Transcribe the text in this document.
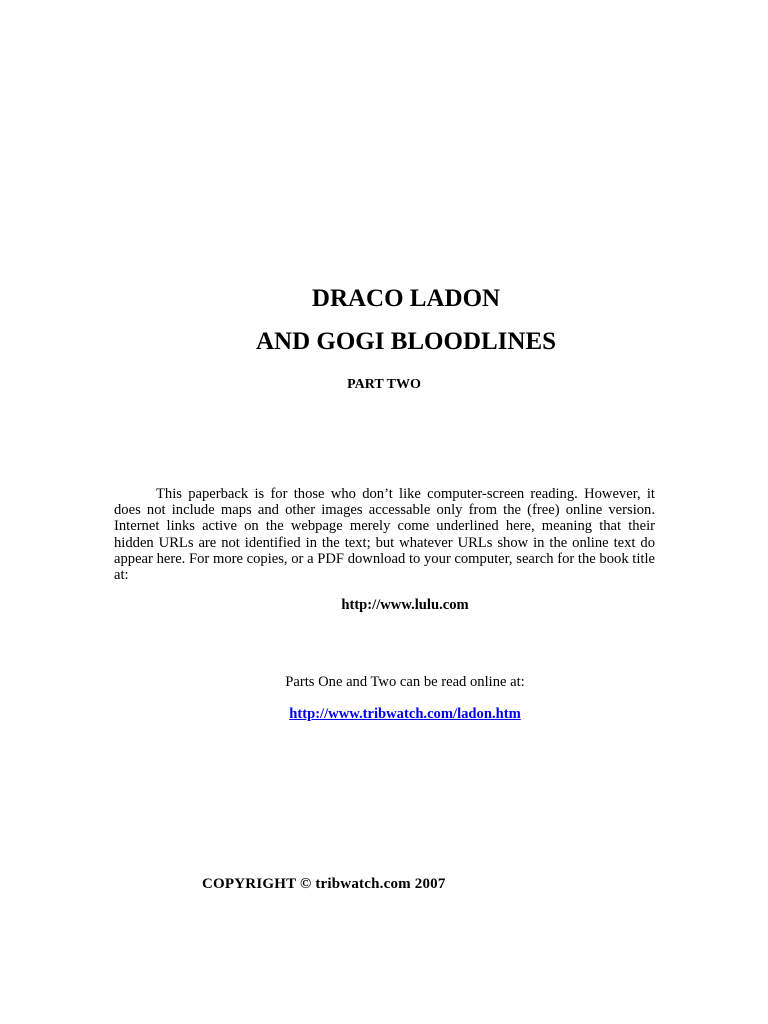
DRACO LADON
AND GOGI BLOODLINES
PART TWO

This paperback is for those who don’t like computer-screen reading. However, it does not include maps and other images accessable only from the (free) online version. Internet links active on the webpage merely come underlined here, meaning that their hidden URLs are not identified in the text; but whatever URLs show in the online text do appear here. For more copies, or a PDF download to your computer, search for the book title at:

http://www.lulu.com

Parts One and Two can be read online at:

http://www.tribwatch.com/ladon.htm

COPYRIGHT © tribwatch.com 2007
